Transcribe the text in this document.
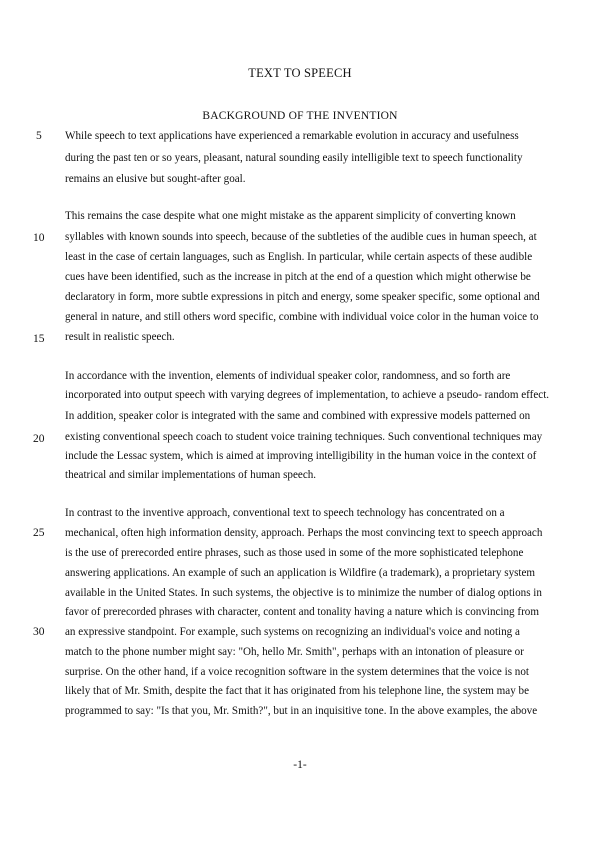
TEXT TO SPEECH
BACKGROUND OF THE INVENTION
5
10
15
20
25
30
While speech to text applications have experienced a remarkable evolution in accuracy and usefulness
during the past ten or so years, pleasant, natural sounding easily intelligible text to speech functionality
remains an elusive but sought-after goal.
This remains the case despite what one might mistake as the apparent simplicity of converting known
syllables with known sounds into speech, because of the subtleties of the audible cues in human speech, at
least in the case of certain languages, such as English. In particular, while certain aspects of these audible
cues have been identified, such as the increase in pitch at the end of a question which might otherwise be
declaratory in form, more subtle expressions in pitch and energy, some speaker specific, some optional and
general in nature, and still others word specific, combine with individual voice color in the human voice to
result in realistic speech.
In accordance with the invention, elements of individual speaker color, randomness, and so forth are
incorporated into output speech with varying degrees of implementation, to achieve a pseudo- random effect.
In addition, speaker color is integrated with the same and combined with expressive models patterned on
existing conventional speech coach to student voice training techniques. Such conventional techniques may
include the Lessac system, which is aimed at improving intelligibility in the human voice in the context of
theatrical and similar implementations of human speech.
In contrast to the inventive approach, conventional text to speech technology has concentrated on a
mechanical, often high information density, approach. Perhaps the most convincing text to speech approach
is the use of prerecorded entire phrases, such as those used in some of the more sophisticated telephone
answering applications. An example of such an application is Wildfire (a trademark), a proprietary system
available in the United States. In such systems, the objective is to minimize the number of dialog options in
favor of prerecorded phrases with character, content and tonality having a nature which is convincing from
an expressive standpoint. For example, such systems on recognizing an individual's voice and noting a
match to the phone number might say: "Oh, hello Mr. Smith", perhaps with an intonation of pleasure or
surprise. On the other hand, if a voice recognition software in the system determines that the voice is not
likely that of Mr. Smith, despite the fact that it has originated from his telephone line, the system may be
programmed to say: "Is that you, Mr. Smith?", but in an inquisitive tone. In the above examples, the above
-1-
